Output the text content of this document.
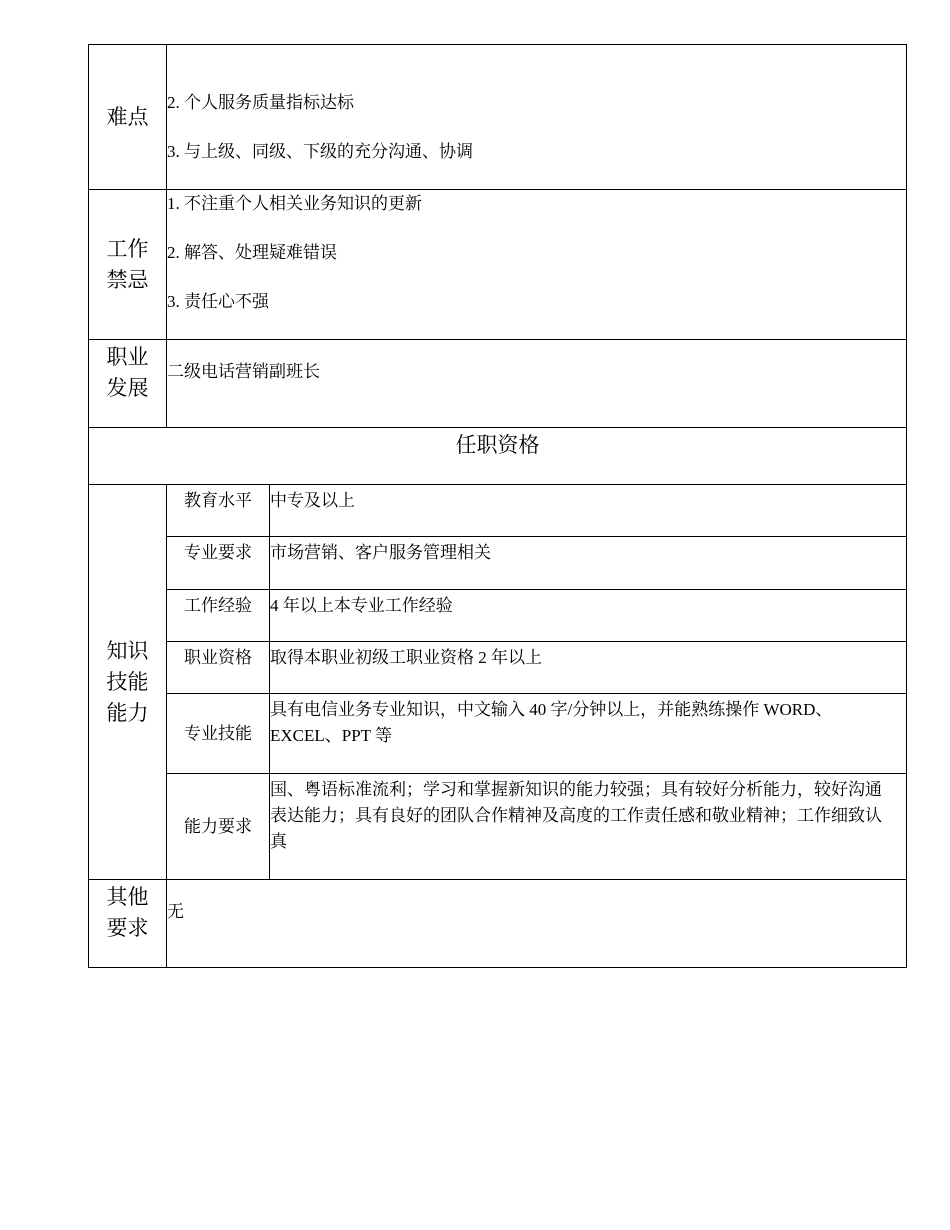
难点	2. 个人服务质量指标达标
3. 与上级、同级、下级的充分沟通、协调	

工作
禁忌	1. 不注重个人相关业务知识的更新
2. 解答、处理疑难错误
3. 责任心不强	

职业
发展	二级电话营销副班长	

任职资格		

知识
技能
能力	教育水平	中专及以上
	专业要求	市场营销、客户服务管理相关
	工作经验	4 年以上本专业工作经验
	职业资格	取得本职业初级工职业资格 2 年以上
	专业技能	具有电信业务专业知识，中文输入 40 字/分钟以上，并能熟练操作 WORD、EXCEL、PPT 等
	能力要求	国、粤语标准流利；学习和掌握新知识的能力较强；具有较好分析能力，较好沟通表达能力；具有良好的团队合作精神及高度的工作责任感和敬业精神；工作细致认真

其他
要求	无	
